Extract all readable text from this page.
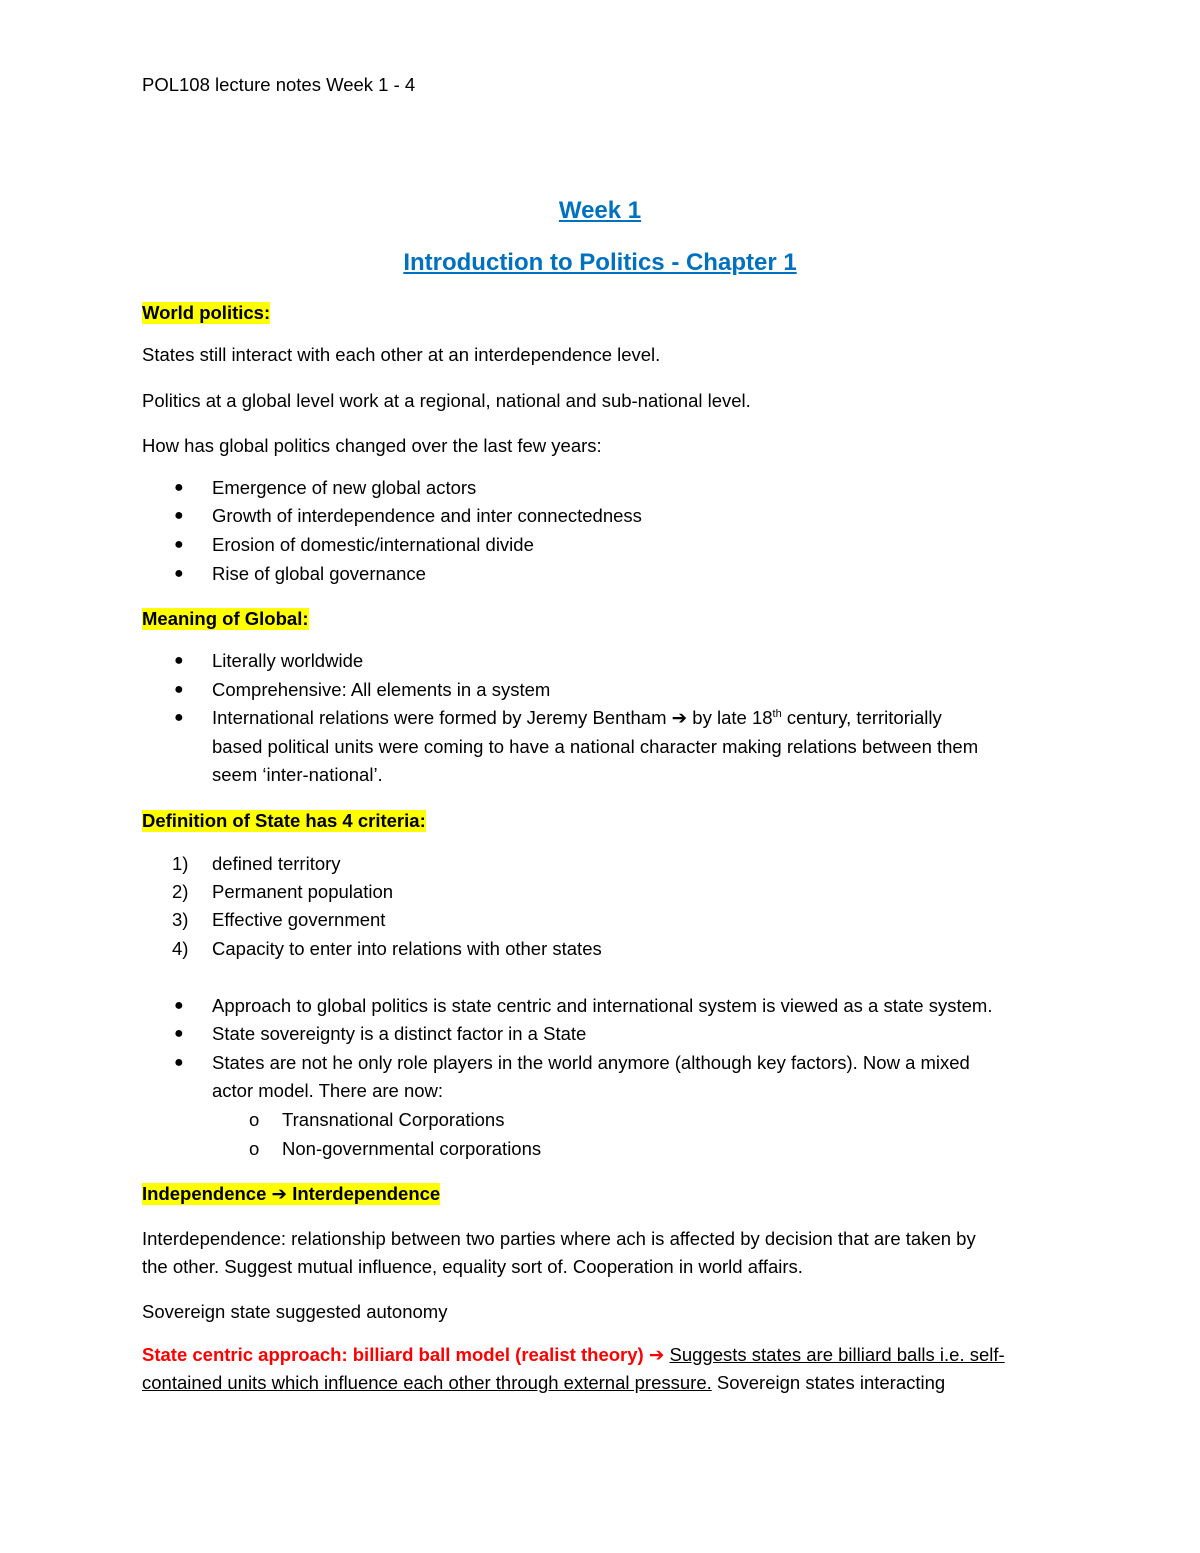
POL108 lecture notes Week 1 - 4
Week 1
Introduction to Politics - Chapter 1
World politics:
States still interact with each other at an interdependence level.
Politics at a global level work at a regional, national and sub-national level.
How has global politics changed over the last few years:
● Emergence of new global actors
● Growth of interdependence and inter connectedness
● Erosion of domestic/international divide
● Rise of global governance
Meaning of Global:
● Literally worldwide
● Comprehensive: All elements in a system
● International relations were formed by Jeremy Bentham ➔ by late 18th century, territorially
based political units were coming to have a national character making relations between them
seem ‘inter-national’.
Definition of State has 4 criteria:
1) defined territory
2) Permanent population
3) Effective government
4) Capacity to enter into relations with other states
● Approach to global politics is state centric and international system is viewed as a state system.
● State sovereignty is a distinct factor in a State
● States are not he only role players in the world anymore (although key factors). Now a mixed
actor model. There are now:
o Transnational Corporations
o Non-governmental corporations
Independence ➔ Interdependence
Interdependence: relationship between two parties where ach is affected by decision that are taken by
the other. Suggest mutual influence, equality sort of. Cooperation in world affairs.
Sovereign state suggested autonomy
State centric approach: billiard ball model (realist theory) ➔ Suggests states are billiard balls i.e. self-
contained units which influence each other through external pressure. Sovereign states interacting
